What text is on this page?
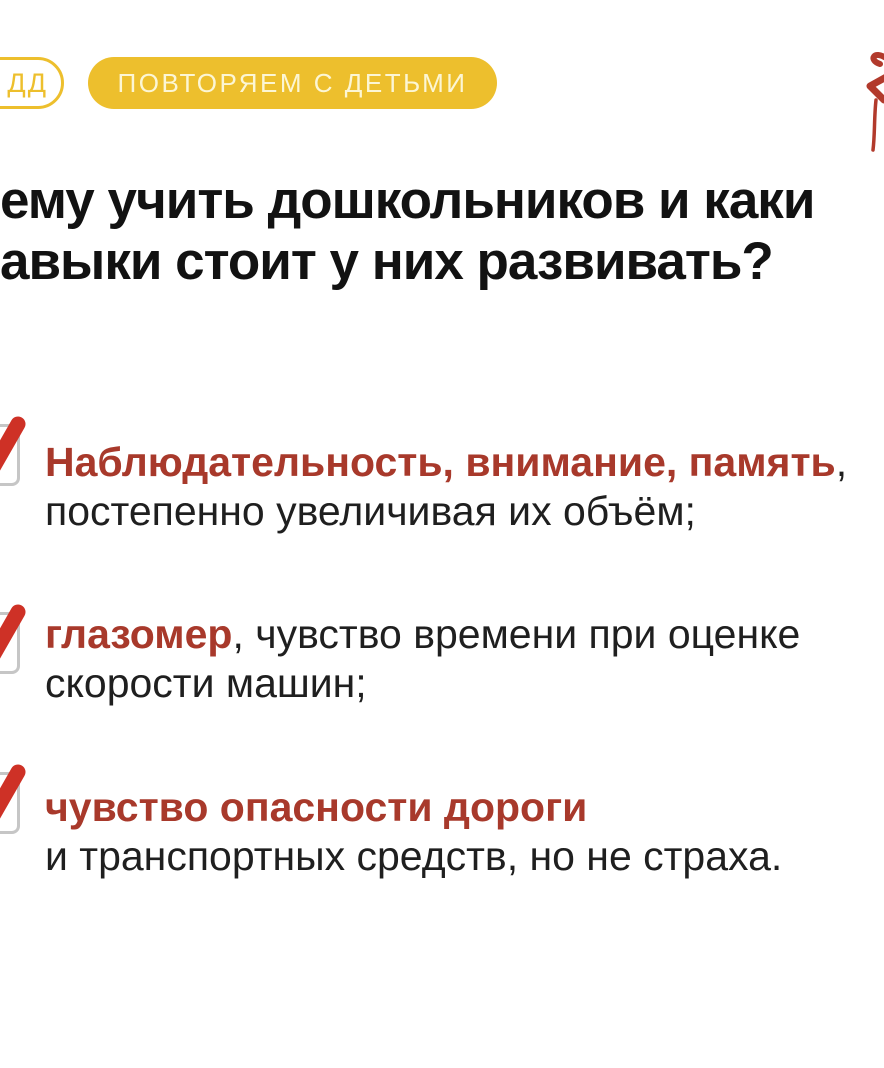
ДД	ПОВТОРЯЕМ С ДЕТЬМИ
ему учить дошкольников и каки
авыки стоит у них развивать?
Наблюдательность, внимание, память,
постепенно увеличивая их объём;
глазомер, чувство времени при оценке
скорости машин;
чувство опасности дороги
и транспортных средств, но не страха.
